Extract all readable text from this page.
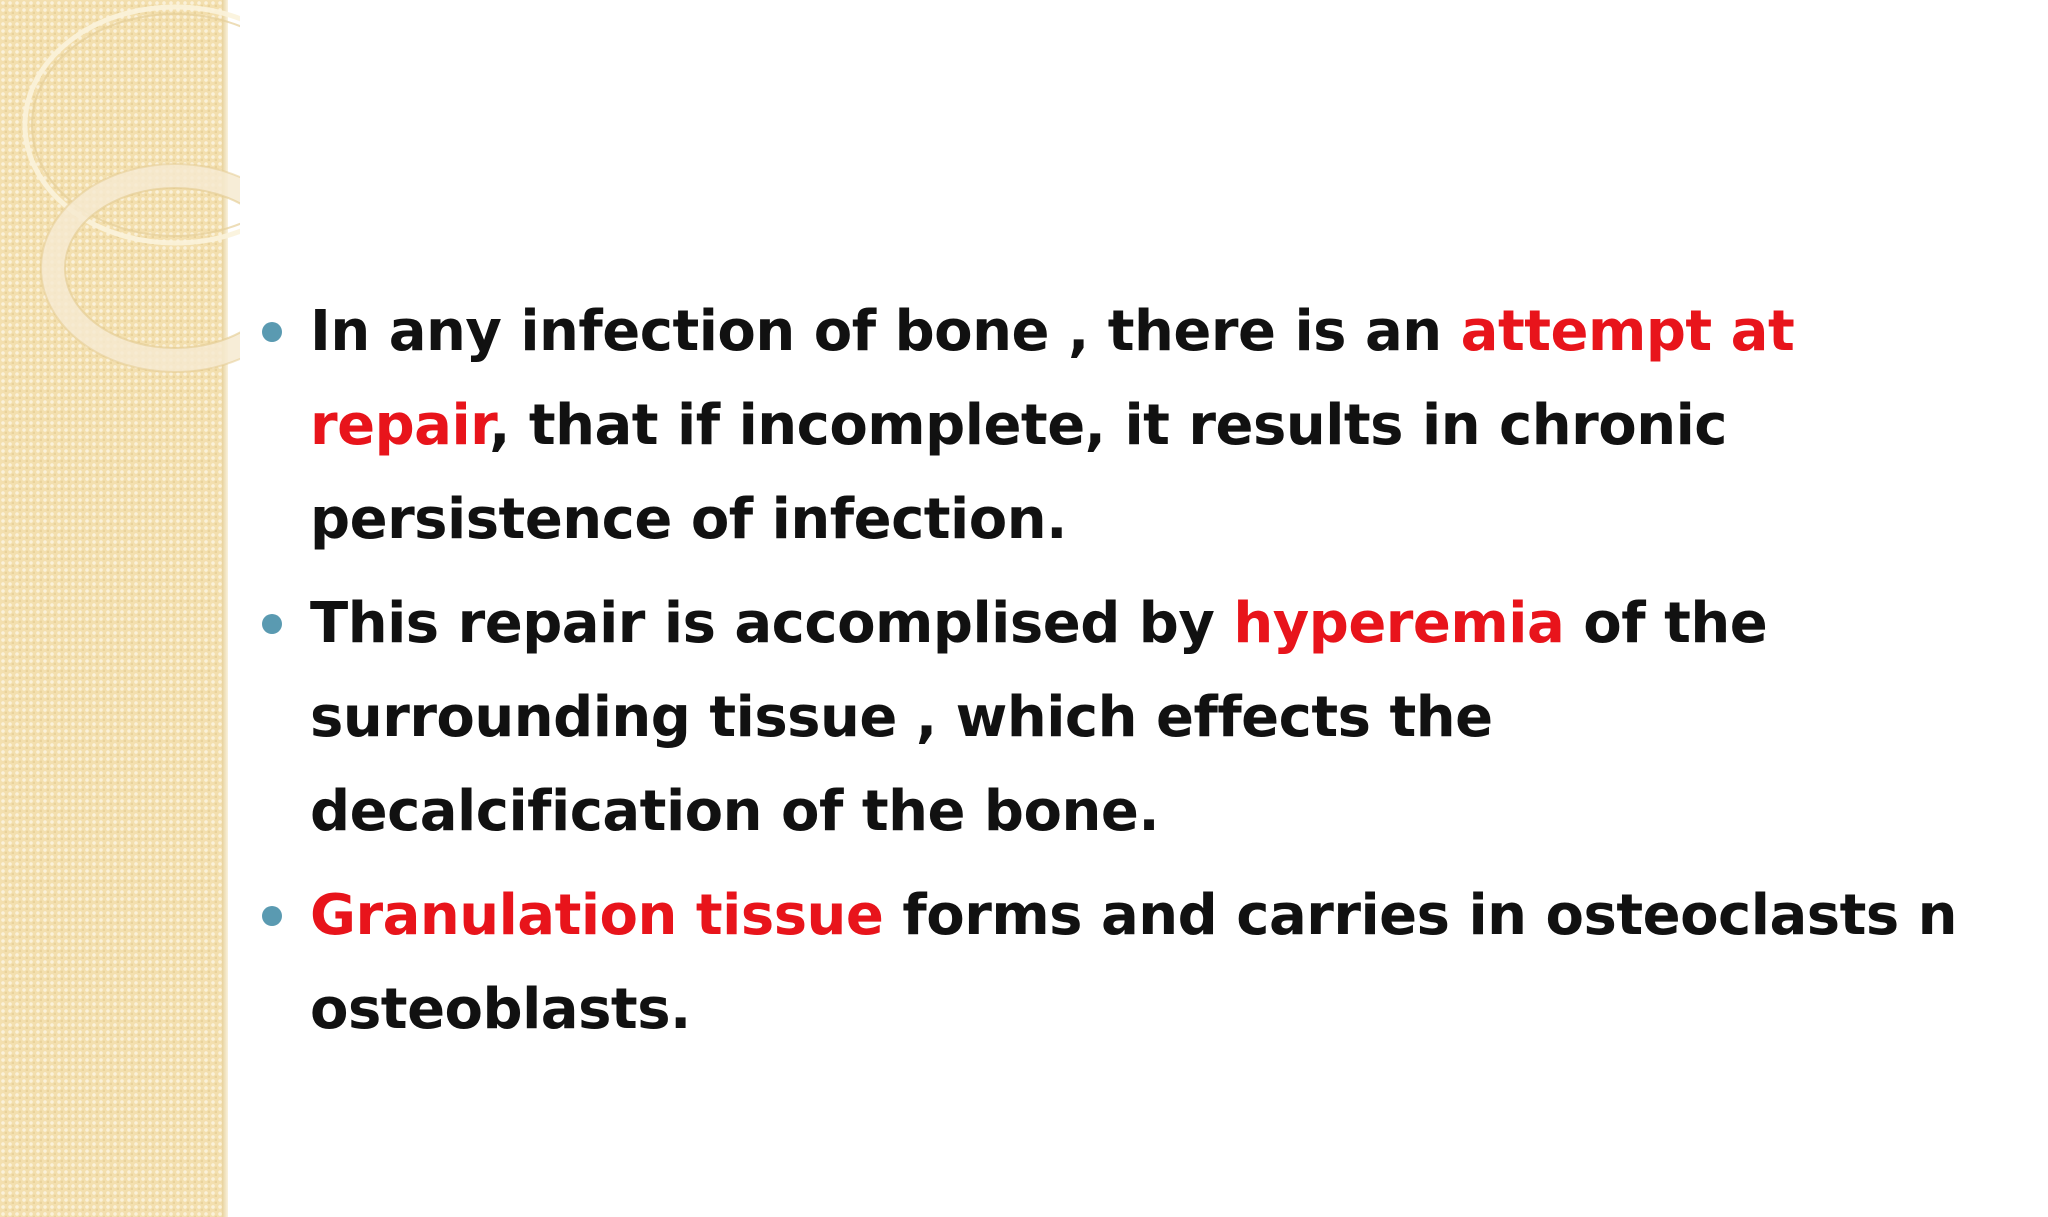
In any infection of bone , there is an attempt at repair, that if incomplete, it results in chronic persistence of infection.

This repair is accomplised by hyperemia of the surrounding tissue , which effects the decalcification of the bone.

Granulation tissue forms and carries in osteoclasts n osteoblasts.
